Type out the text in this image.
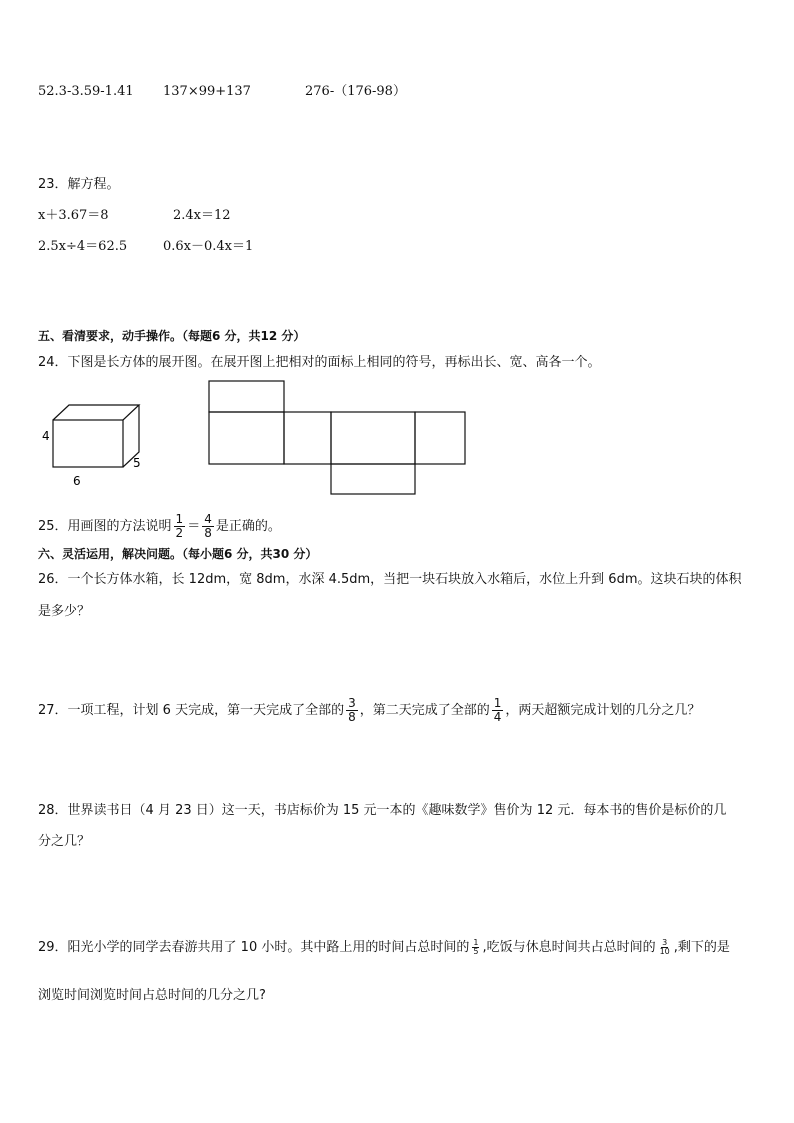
52.3-3.59-1.41 137×99+137	276-（176-98）
23．解方程。
x＋3.67＝8	2.4x＝12
2.5x÷4＝62.5	0.6x－0.4x＝1
五、看清要求，动手操作。（每题6 分，共12 分）
24．下图是长方体的展开图。在展开图上把相对的面标上相同的符号，再标出长、宽、高各一个。
4
6
5
25．用画图的方法说明 $\frac{1}{2} = \frac{4}{8}$ 是正确的。
六、灵活运用，解决问题。（每小题6 分，共30 分）
26．一个长方体水箱，长 12dm，宽 8dm，水深 4.5dm，当把一块石块放入水箱后，水位上升到 6dm。这块石块的体积
是多少？
27．一项工程，计划 6 天完成，第一天完成了全部的 $\frac{3}{8}$ ，第二天完成了全部的 $\frac{1}{4}$ ，两天超额完成计划的几分之几？
28．世界读书日（4 月 23 日）这一天，书店标价为 15 元一本的《趣味数学》售价为 12 元．每本书的售价是标价的几
分之几？
29．阳光小学的同学去春游共用了 10 小时。其中路上用的时间占总时间的 $\frac{1}{5}$ ,吃饭与休息时间共占总时间的 $\frac{3}{10}$ ,剩下的是
浏览时间浏览时间占总时间的几分之几?
